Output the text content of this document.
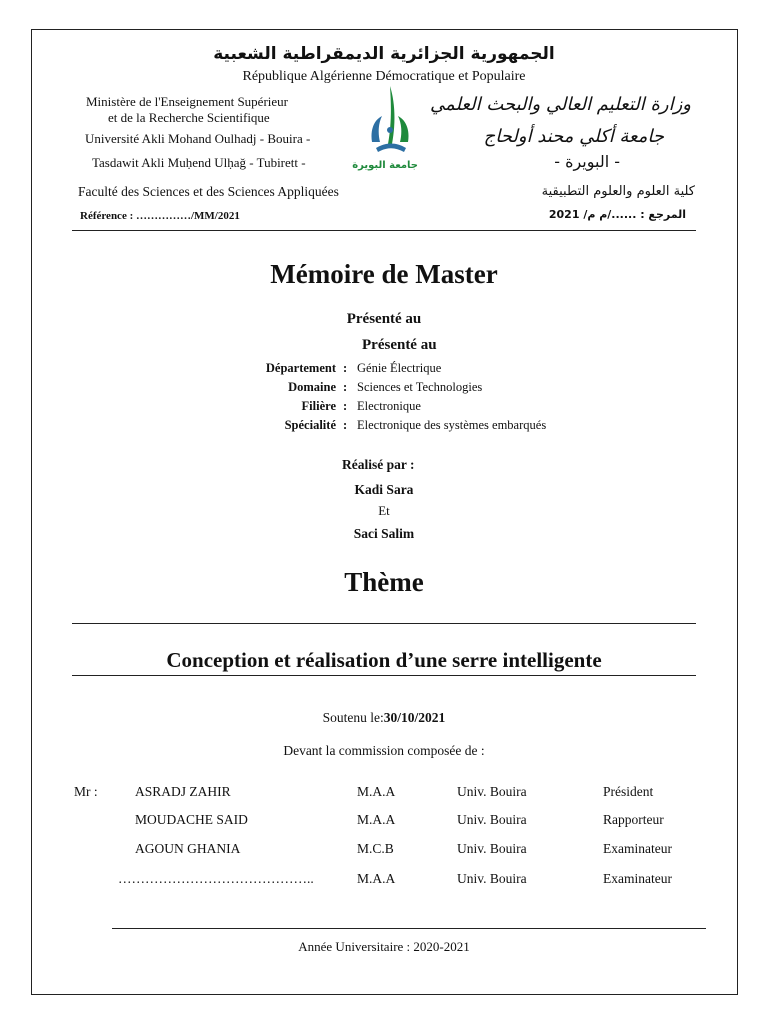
الجمهورية الجزائرية الديمقراطية الشعبية
République Algérienne Démocratique et Populaire
Ministère de l'Enseignement Supérieur
et de la Recherche Scientifique
Université Akli Mohand Oulhadj - Bouira -
Tasdawit Akli Muḥend Ulḥaǧ - Tubirett -
وزارة التعليم العالي والبحث العلمي
جامعة أكلي محند أولحاج
- البويرة -
جامعة البويرة
Faculté des Sciences et des Sciences Appliquées	كلية العلوم والعلوم التطبيقية
Référence : ……………/MM/2021	المرجع : ....../م م/ 2021
Mémoire de Master
Présenté au
Présenté au
Département : Génie Électrique
Domaine : Sciences et Technologies
Filière : Electronique
Spécialité : Electronique des systèmes embarqués
Réalisé par :
Kadi Sara
Et
Saci Salim
Thème
Conception et réalisation d’une serre intelligente
Soutenu le:30/10/2021
Devant la commission composée de :
Mr :	ASRADJ ZAHIR	M.A.A	Univ. Bouira	Président
MOUDACHE SAID	M.A.A	Univ. Bouira	Rapporteur
AGOUN GHANIA	M.C.B	Univ. Bouira	Examinateur
……………………………………..	M.A.A	Univ. Bouira	Examinateur
Année Universitaire : 2020-2021
